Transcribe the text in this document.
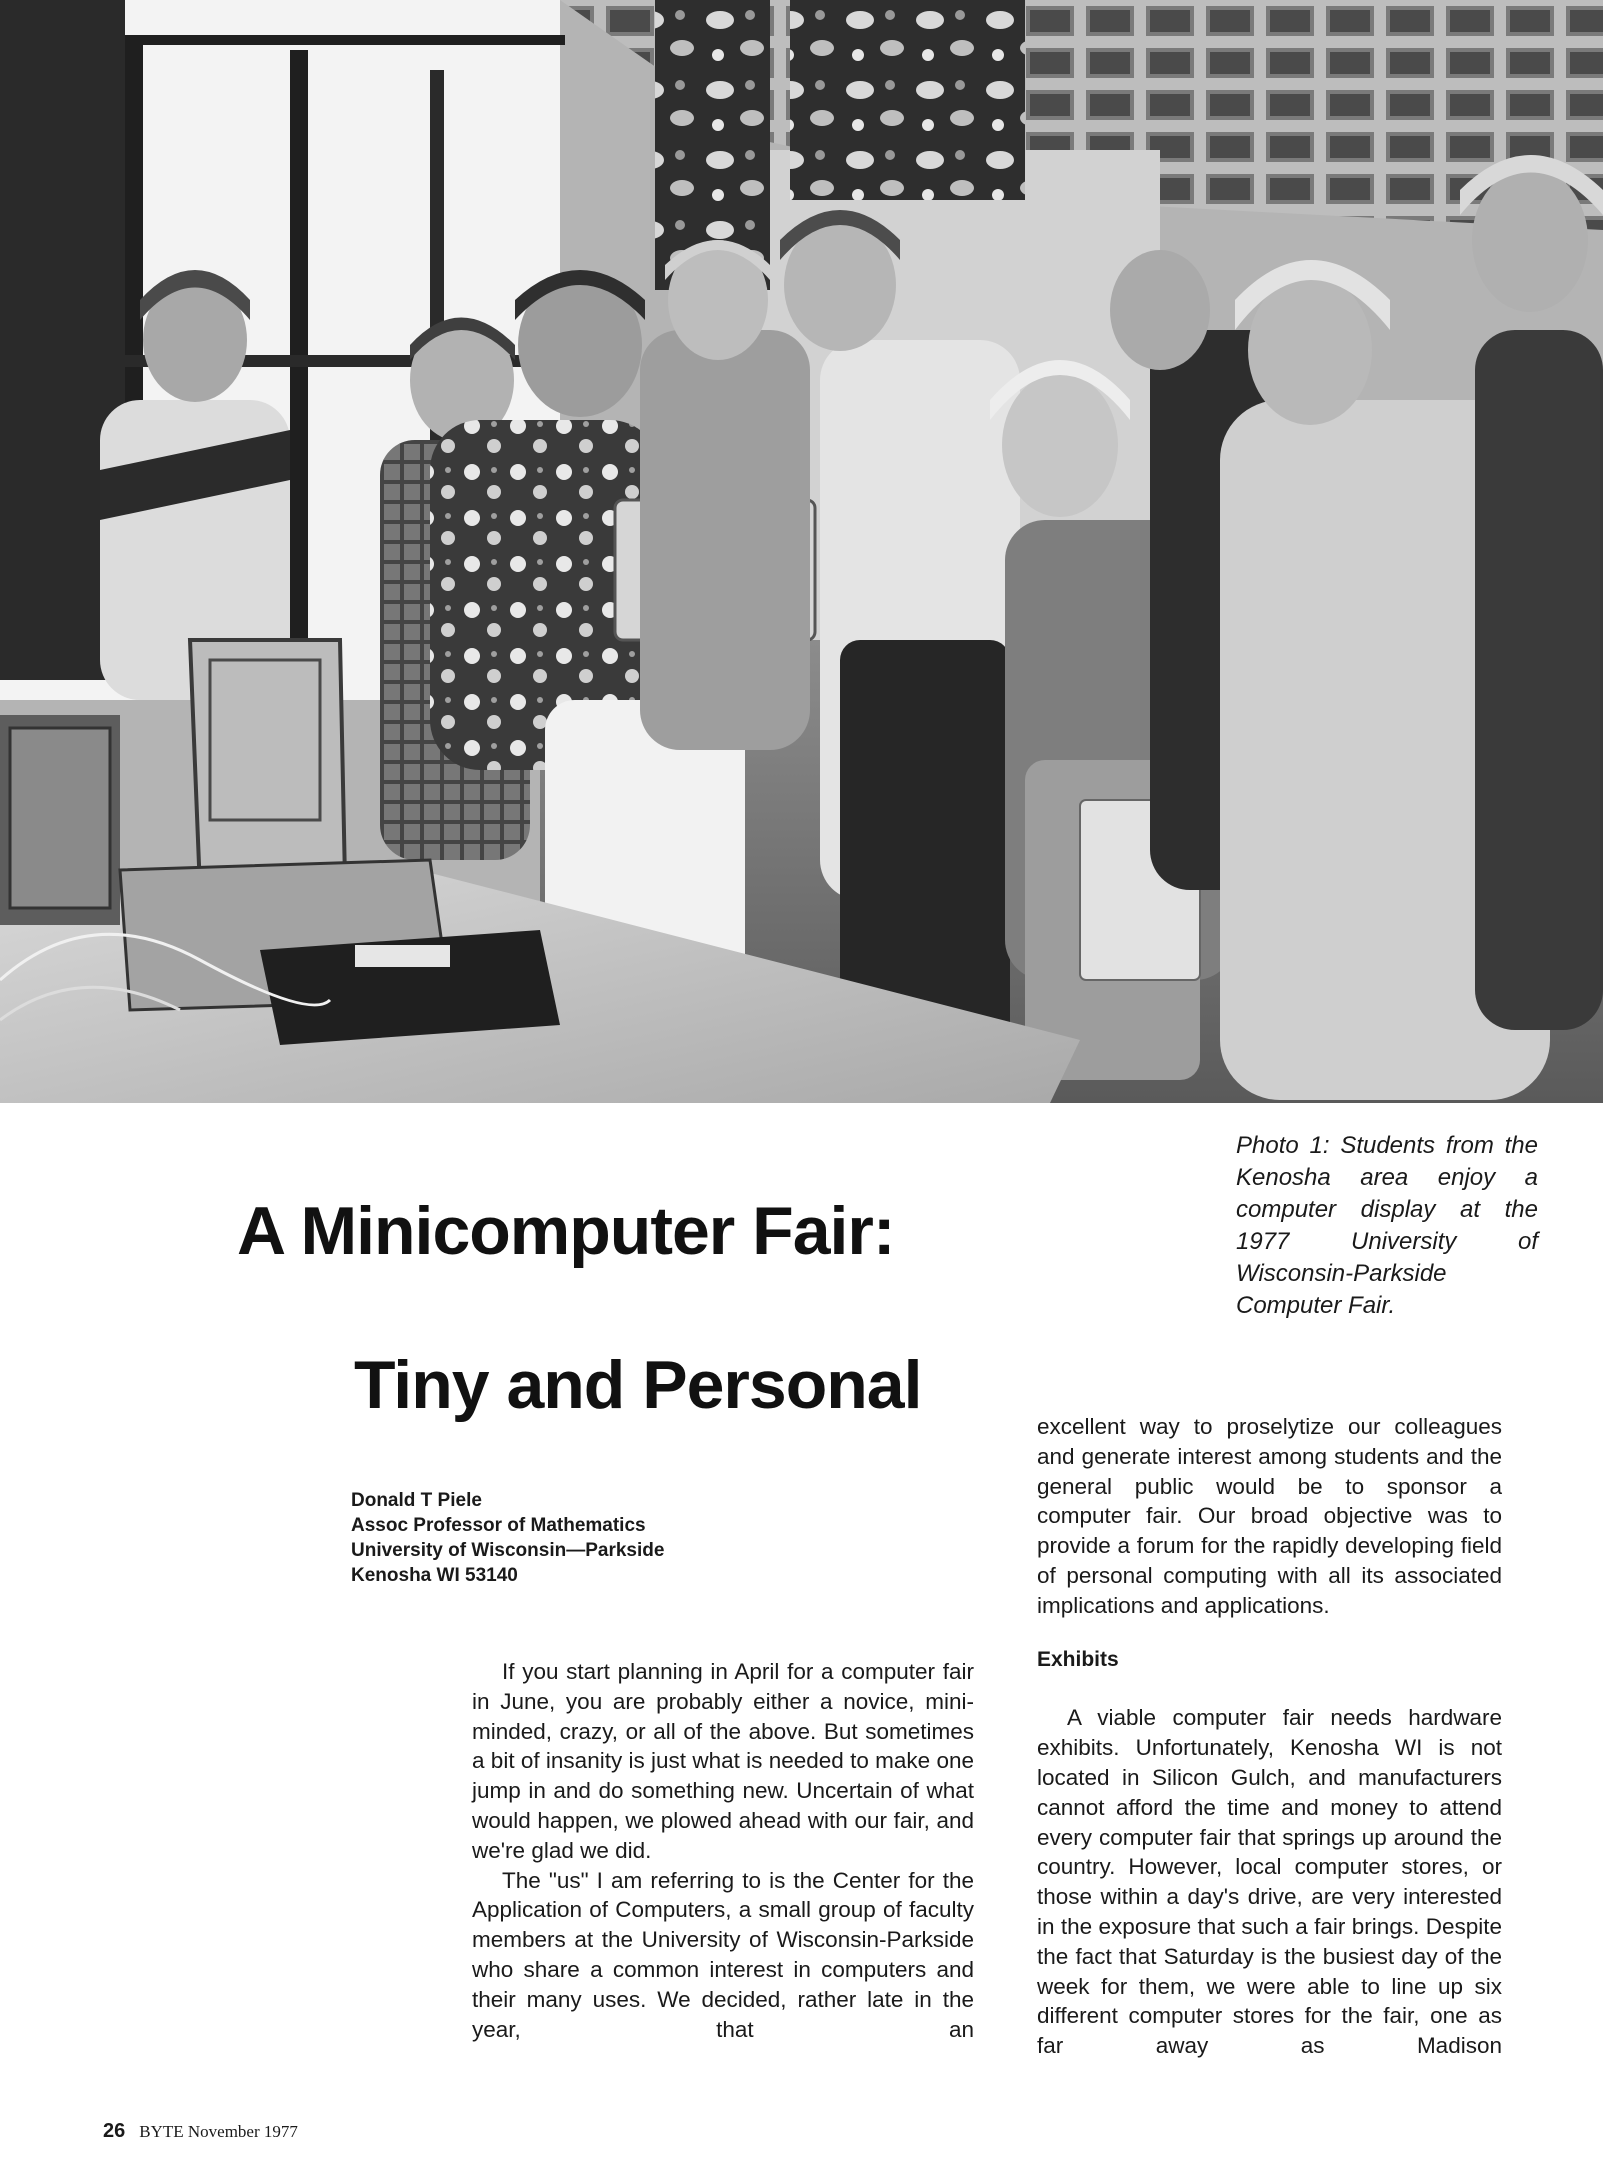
Photo 1: Students from the Kenosha area enjoy a computer display at the 1977 University of Wisconsin-Parkside Computer Fair.
A Minicomputer Fair:
Tiny and Personal
Donald T Piele
Assoc Professor of Mathematics
University of Wisconsin—Parkside
Kenosha WI 53140

If you start planning in April for a computer fair in June, you are probably either a novice, mini-minded, crazy, or all of the above. But sometimes a bit of insanity is just what is needed to make one jump in and do something new. Uncertain of what would happen, we plowed ahead with our fair, and we're glad we did.

The "us" I am referring to is the Center for the Application of Computers, a small group of faculty members at the University of Wisconsin-Parkside who share a common interest in computers and their many uses. We decided, rather late in the year, that an

excellent way to proselytize our colleagues and generate interest among students and the general public would be to sponsor a computer fair. Our broad objective was to provide a forum for the rapidly developing field of personal computing with all its associated implications and applications.

Exhibits

A viable computer fair needs hardware exhibits. Unfortunately, Kenosha WI is not located in Silicon Gulch, and manufacturers cannot afford the time and money to attend every computer fair that springs up around the country. However, local computer stores, or those within a day's drive, are very interested in the exposure that such a fair brings. Despite the fact that Saturday is the busiest day of the week for them, we were able to line up six different computer stores for the fair, one as far away as Madison

26 BYTE November 1977
